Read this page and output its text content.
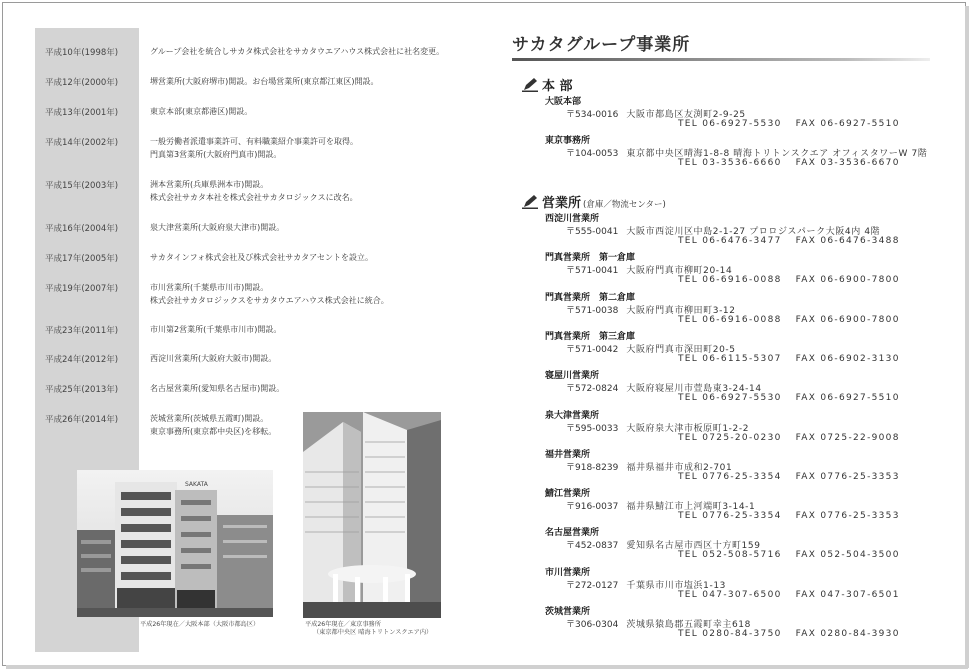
平成10年(1998年)	グループ会社を統合しサカタ株式会社をサカタウエアハウス株式会社に社名変更。
平成12年(2000年)	堺営業所(大阪府堺市)開設。お台場営業所(東京都江東区)開設。
平成13年(2001年)	東京本部(東京都港区)開設。
平成14年(2002年)	一般労働者派遣事業許可、有料職業紹介事業許可を取得。
門真第3営業所(大阪府門真市)開設。
平成15年(2003年)	洲本営業所(兵庫県洲本市)開設。
株式会社サカタ本社を株式会社サカタロジックスに改名。
平成16年(2004年)	泉大津営業所(大阪府泉大津市)開設。
平成17年(2005年)	サカタインフォ株式会社及び株式会社サカタアセントを設立。
平成19年(2007年)	市川営業所(千葉県市川市)開設。
株式会社サカタロジックスをサカタウエアハウス株式会社に統合。
平成23年(2011年)	市川第2営業所(千葉県市川市)開設。
平成24年(2012年)	西淀川営業所(大阪府大阪市)開設。
平成25年(2013年)	名古屋営業所(愛知県名古屋市)開設。
平成26年(2014年)	茨城営業所(茨城県五霞町)開設。
東京事務所(東京都中央区)を移転。
SAKATA
平成26年現在／大阪本部（大阪市都島区）	平成26年現在／東京事務所
（東京都中央区 晴海トリトンスクエア内）
サカタグループ事業所
本 部
大阪本部
〒534-0016 大阪市都島区友渕町2-9-25
TEL 06-6927-5530 FAX 06-6927-5510
東京事務所
〒104-0053 東京都中央区晴海1-8-8 晴海トリトンスクエア オフィスタワーW 7階
TEL 03-3536-6660 FAX 03-3536-6670
営業所 (倉庫／物流センター)
西淀川営業所
〒555-0041 大阪市西淀川区中島2-1-27 プロロジスパーク大阪4内 4階
TEL 06-6476-3477 FAX 06-6476-3488
門真営業所　第一倉庫
〒571-0041 大阪府門真市柳町20-14
TEL 06-6916-0088 FAX 06-6900-7800
門真営業所　第二倉庫
〒571-0038 大阪府門真市柳田町3-12
TEL 06-6916-0088 FAX 06-6900-7800
門真営業所　第三倉庫
〒571-0042 大阪府門真市深田町20-5
TEL 06-6115-5307 FAX 06-6902-3130
寝屋川営業所
〒572-0824 大阪府寝屋川市萱島東3-24-14
TEL 06-6927-5530 FAX 06-6927-5510
泉大津営業所
〒595-0033 大阪府泉大津市板原町1-2-2
TEL 0725-20-0230 FAX 0725-22-9008
福井営業所
〒918-8239 福井県福井市成和2-701
TEL 0776-25-3354 FAX 0776-25-3353
鯖江営業所
〒916-0037 福井県鯖江市上河端町3-14-1
TEL 0776-25-3354 FAX 0776-25-3353
名古屋営業所
〒452-0837 愛知県名古屋市西区十方町159
TEL 052-508-5716 FAX 052-504-3500
市川営業所
〒272-0127 千葉県市川市塩浜1-13
TEL 047-307-6500 FAX 047-307-6501
茨城営業所
〒306-0304 茨城県猿島郡五霞町幸主618
TEL 0280-84-3750 FAX 0280-84-3930
